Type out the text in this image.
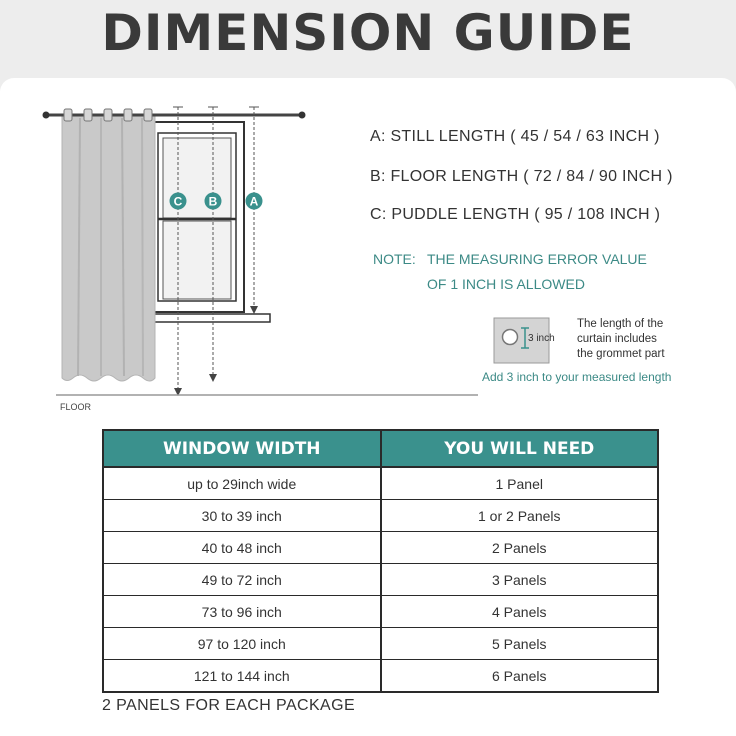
DIMENSION GUIDE
C B	A
3 inch
A: STILL LENGTH ( 45 / 54 / 63 INCH )
B: FLOOR LENGTH ( 72 / 84 / 90 INCH )
C: PUDDLE LENGTH ( 95 / 108 INCH )
NOTE: THE MEASURING ERROR VALUE
OF 1 INCH IS ALLOWED
The length of the
curtain includes
the grommet part
Add 3 inch to your measured length
FLOOR
WINDOW WIDTH	YOU WILL NEED
up to 29inch wide	1 Panel
30 to 39 inch	1 or 2 Panels
40 to 48 inch	2 Panels
49 to 72 inch	3 Panels
73 to 96 inch	4 Panels
97 to 120 inch	5 Panels
121 to 144 inch	6 Panels
2 PANELS FOR EACH PACKAGE
